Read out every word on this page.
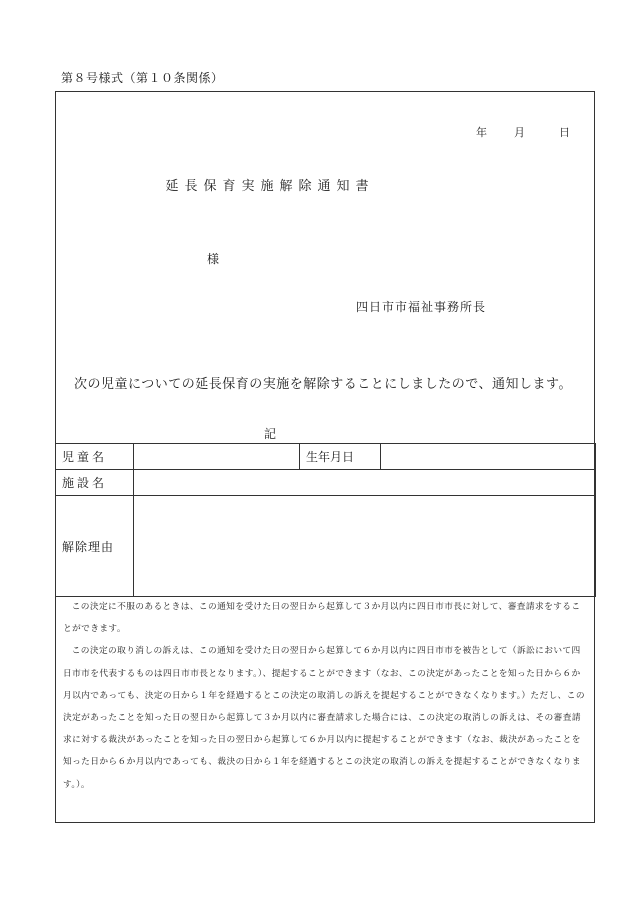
第８号様式（第１０条関係）
年 月	日
延長保育実施解除通知書
様
四日市市福祉事務所長
次の児童についての延長保育の実施を解除することにしましたので、通知します。
記
児童名		生年月日	
施設名			
解除理由			

この決定に不服のあるときは、この通知を受けた日の翌日から起算して３か月以内に四日市市長に対して、審査請求をすることができます。

この決定の取り消しの訴えは、この通知を受けた日の翌日から起算して６か月以内に四日市市を被告として（訴訟において四日市市を代表するものは四日市市長となります。）、提起することができます（なお、この決定があったことを知った日から６か月以内であっても、決定の日から１年を経過するとこの決定の取消しの訴えを提起することができなくなります。）ただし、この決定があったことを知った日の翌日から起算して３か月以内に審査請求した場合には、この決定の取消しの訴えは、その審査請求に対する裁決があったことを知った日の翌日から起算して６か月以内に提起することができます（なお、裁決があったことを知った日から６か月以内であっても、裁決の日から１年を経過するとこの決定の取消しの訴えを提起することができなくなります。）。
